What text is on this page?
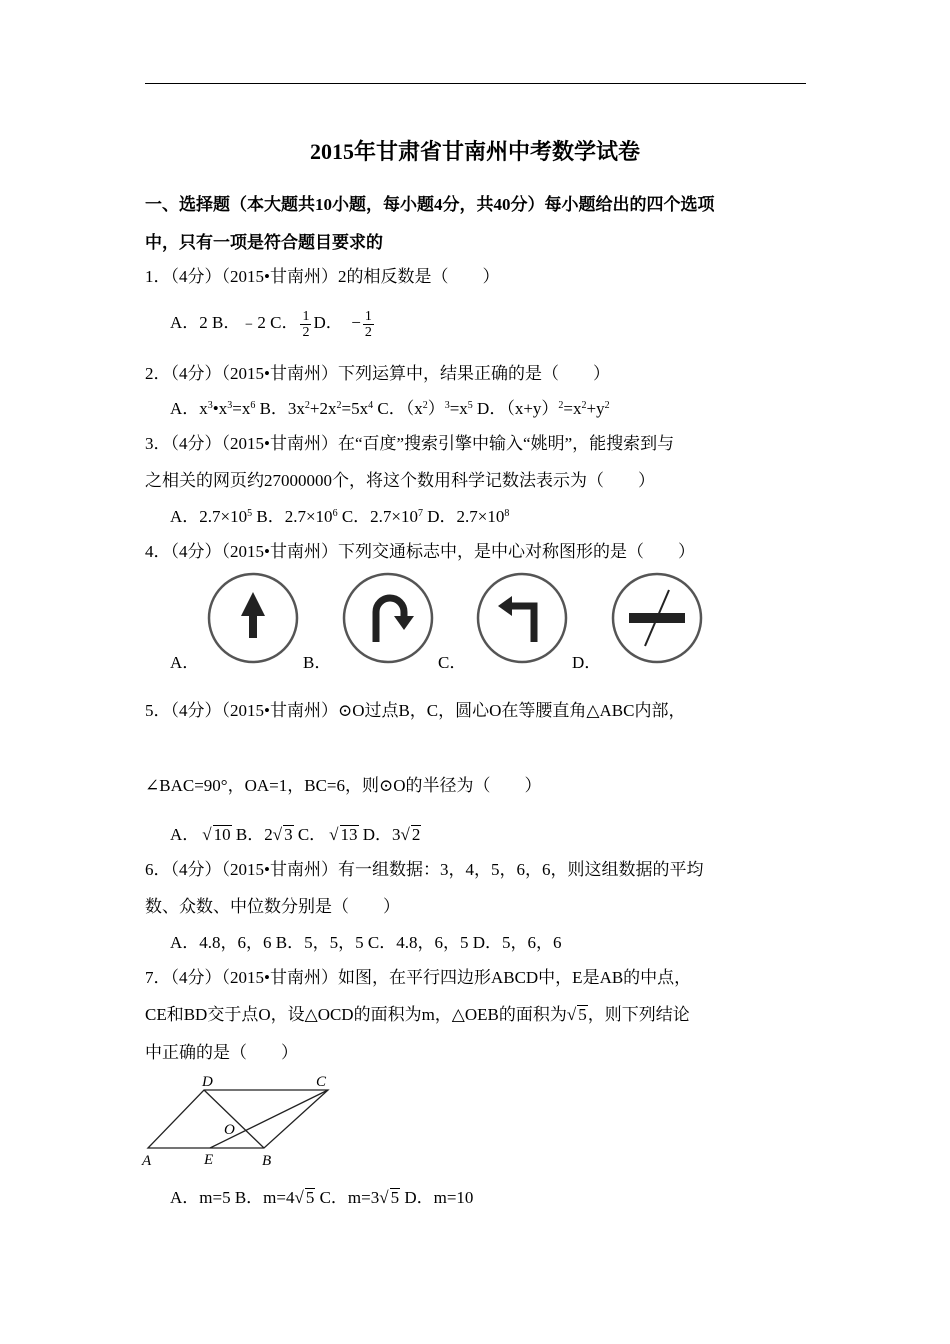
2015年甘肃省甘南州中考数学试卷
一、选择题（本大题共10小题，每小题4分，共40分）每小题给出的四个选项
中，只有一项是符合题目要求的
1．（4分）（2015•甘南州）2的相反数是（　　）
A．2 B．﹣2 C． $\frac{1}{2}$ D． − $\frac{1}{2}$
2．（4分）（2015•甘南州）下列运算中，结果正确的是（　　）
A．$x^3•x^3=x^6$ B．$3x^2+2x^2=5x^4$ C．$(x^2)^3=x^5$ D．$(x+y)^2=x^2+y^2$
3．（4分）（2015•甘南州）在“百度”搜索引擎中输入“姚明”，能搜索到与
之相关的网页约27000000个，将这个数用科学记数法表示为（　　）
A．$2.7\times 10^5$ B．$2.7\times 10^6$ C．$2.7\times 10^7$ D．$2.7\times 10^8$
4．（4分）（2015•甘南州）下列交通标志中，是中心对称图形的是（　　）
A．	B．	C．	D．
5．（4分）（2015•甘南州）⊙O过点B，C，圆心O在等腰直角△ABC内部，
∠BAC=90°，OA=1，BC=6，则⊙O的半径为（　　）
A． √ 10 B．2√ 3 C． √ 13 D．3√ 2
6．（4分）（2015•甘南州）有一组数据：3，4，5，6，6，则这组数据的平均
数、众数、中位数分别是（　　）
A．4.8，6，6 B．5，5，5 C．4.8，6，5 D．5，6，6
7．（4分）（2015•甘南州）如图，在平行四边形ABCD中，E是AB的中点，
CE和BD交于点O，设△OCD的面积为m，△OEB的面积为√ 5，则下列结论
中正确的是（　　）
A	B
C
D
E
O
A．m=5 B．m=4√ 5 C．m=3√ 5 D．m=10
